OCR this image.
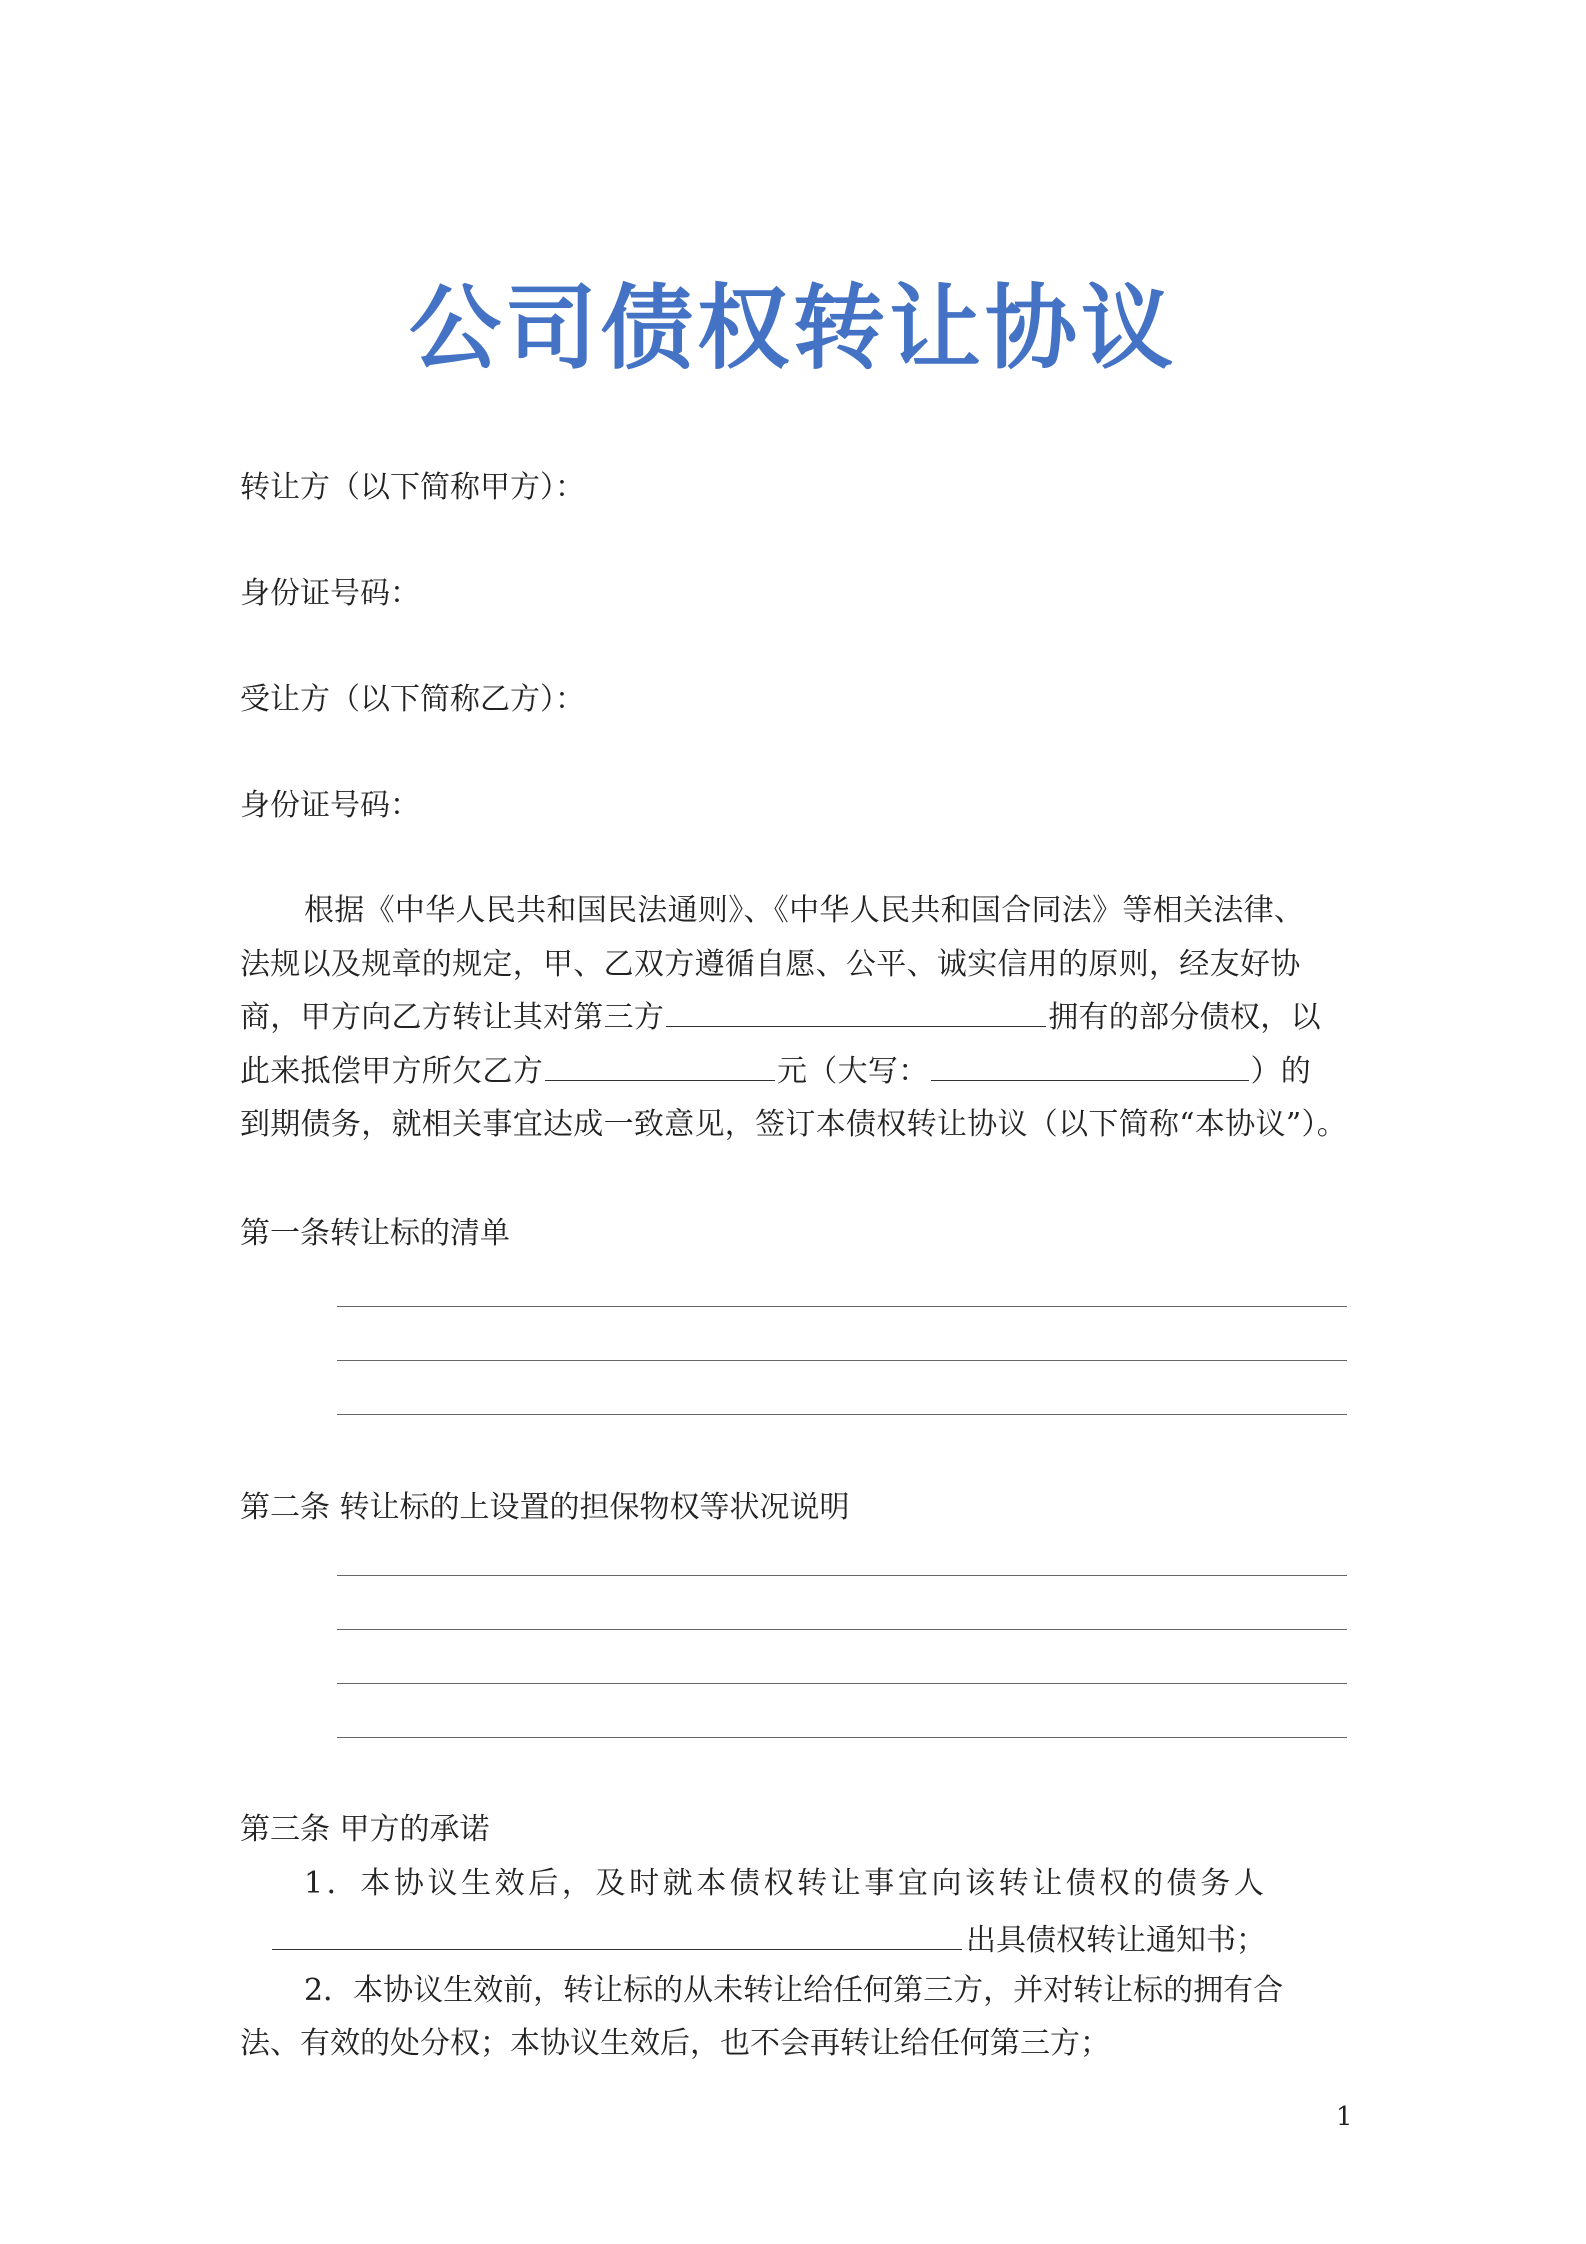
公司债权转让协议
转让方（以下简称甲方）：
身份证号码：
受让方（以下简称乙方）：
身份证号码：
根据《中华人民共和国民法通则》、《中华人民共和国合同法》等相关法律、
法规以及规章的规定，甲、乙双方遵循自愿、公平、诚实信用的原则，经友好协
商，甲方向乙方转让其对第三方	拥有的部分债权，以
此来抵偿甲方所欠乙方	元（大写：	）的
到期债务，就相关事宜达成一致意见，签订本债权转让协议（以下简称“本协议”）。
第一条转让标的清单
第二条 转让标的上设置的担保物权等状况说明
第三条 甲方的承诺
1．本协议生效后，及时就本债权转让事宜向该转让债权的债务人
出具债权转让通知书；
2．本协议生效前，转让标的从未转让给任何第三方，并对转让标的拥有合
法、有效的处分权；本协议生效后，也不会再转让给任何第三方；
1
